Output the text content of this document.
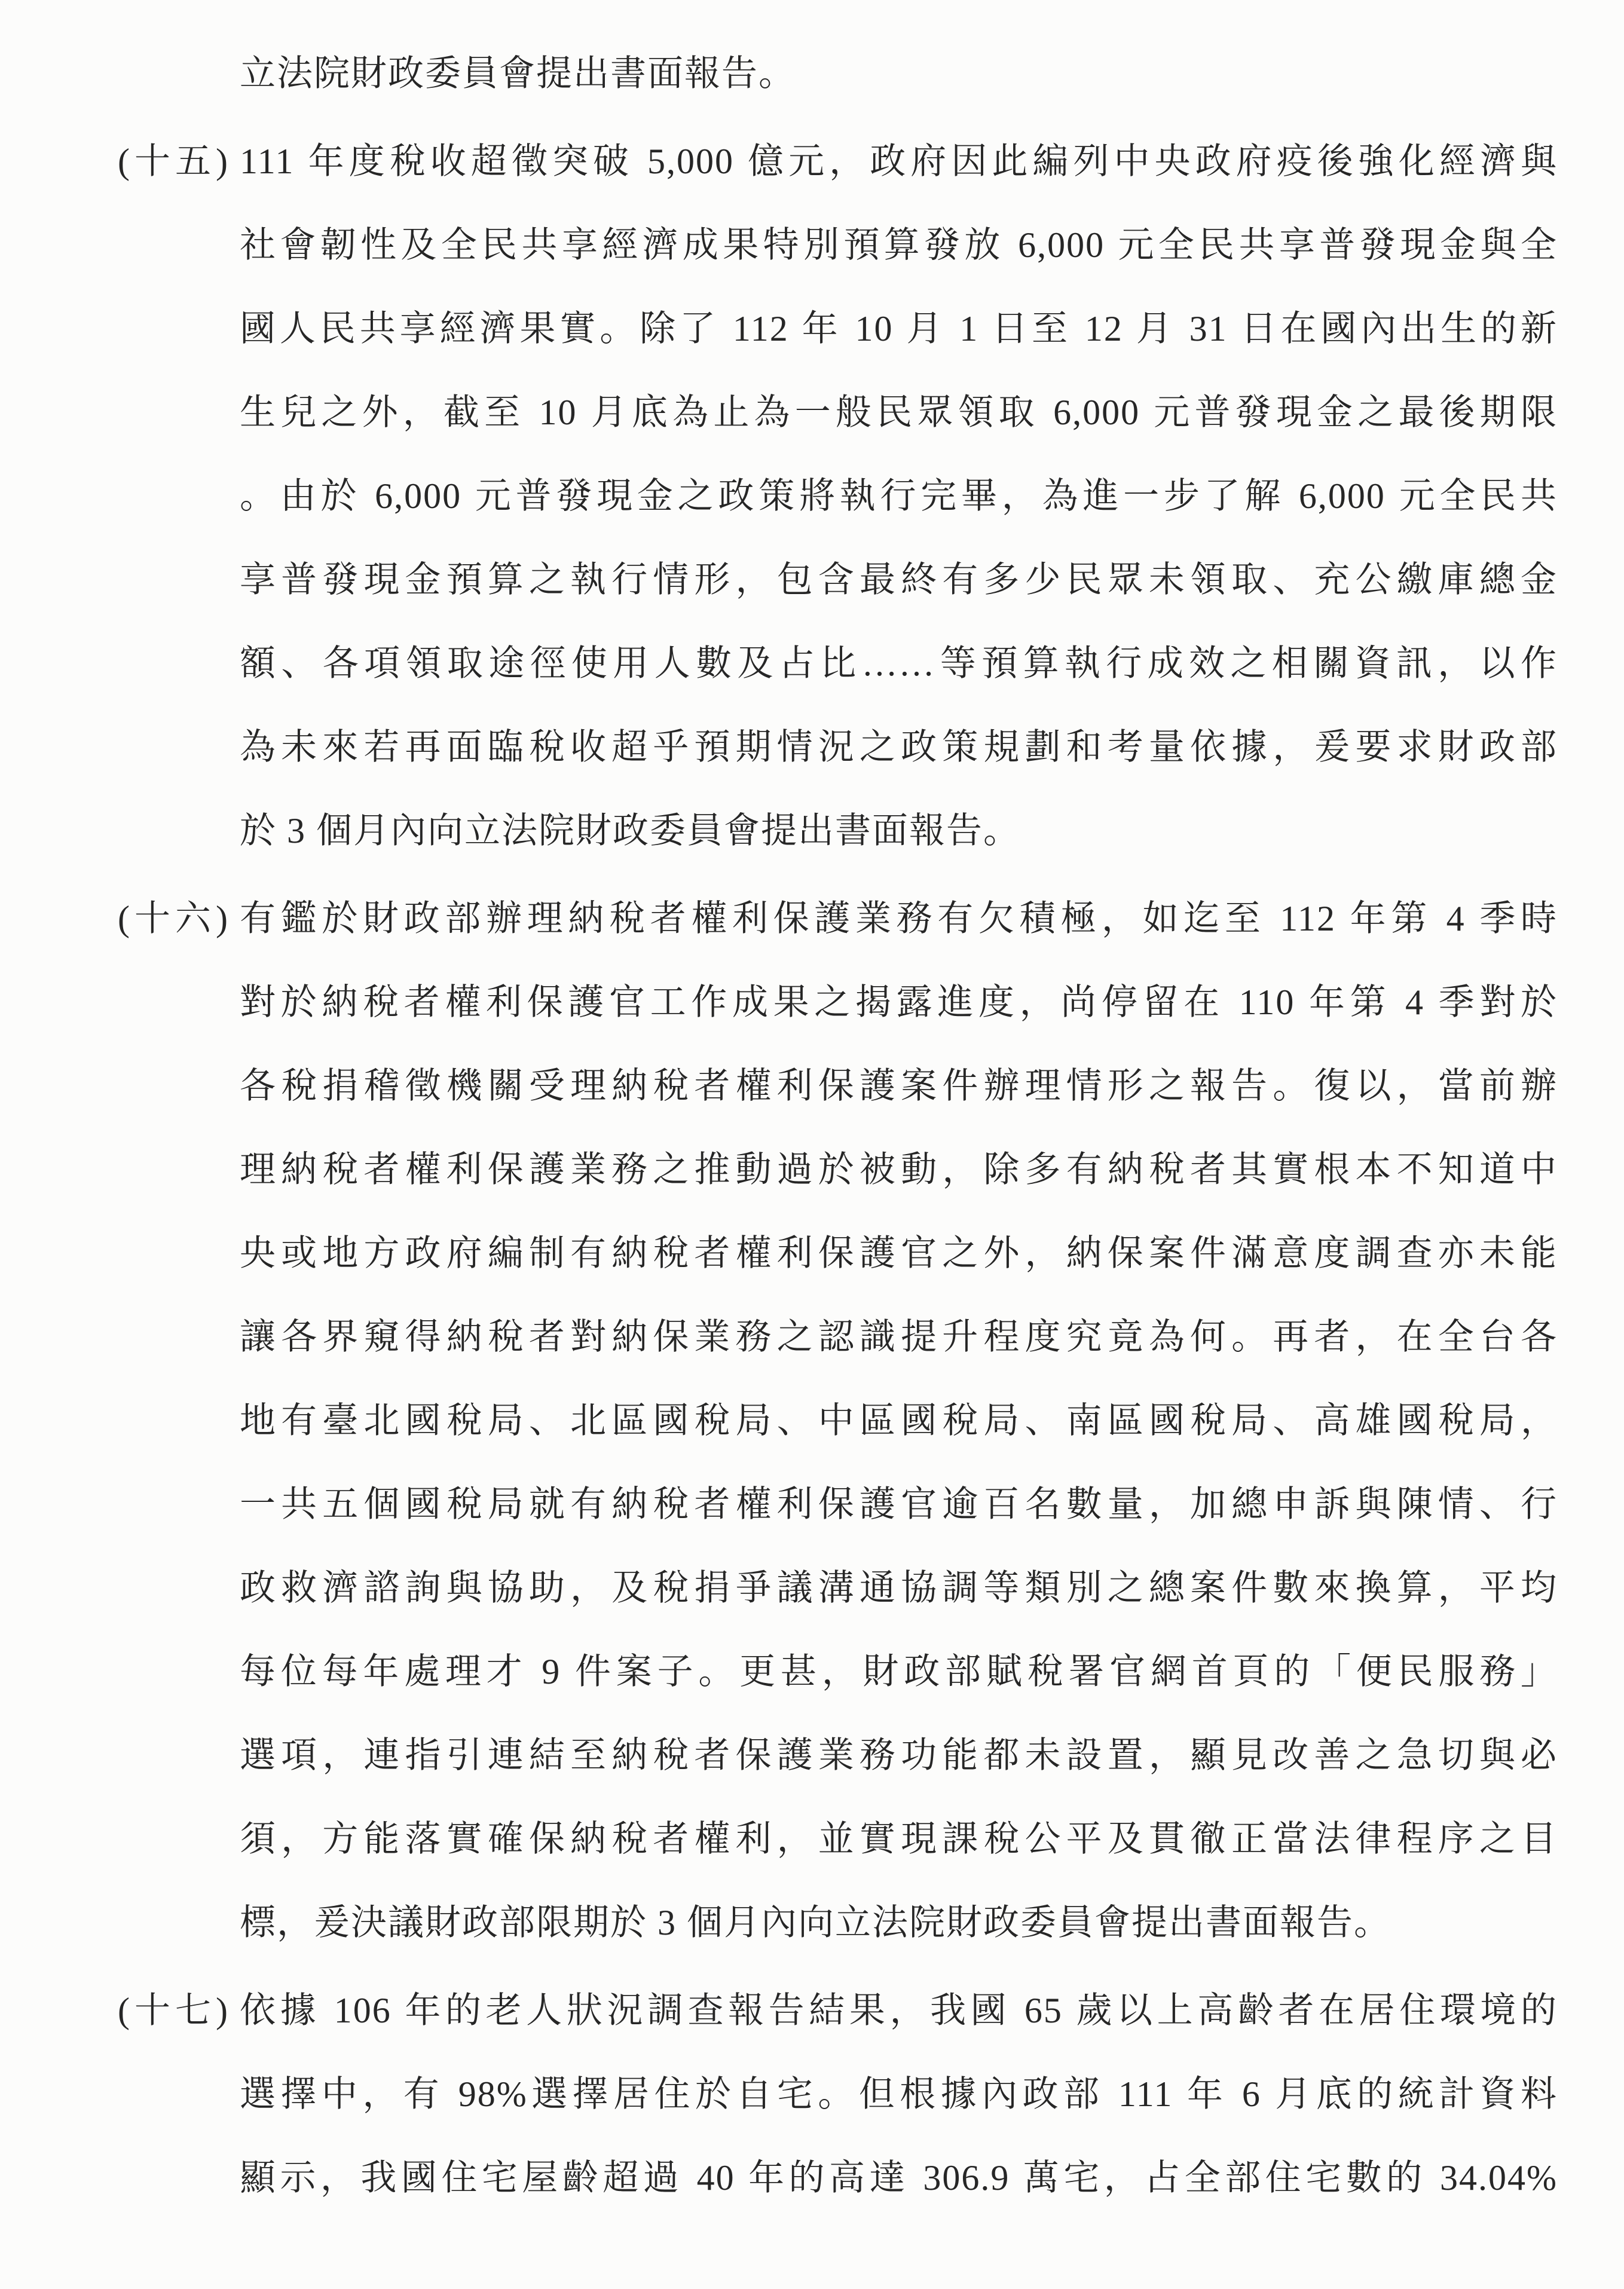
立法院財政委員會提出書面報告。
(十五) 111 年度稅收超徵突破 5,000 億元，政府因此編列中央政府疫後強化經濟與
社會韌性及全民共享經濟成果特別預算發放 6,000 元全民共享普發現金與全
國人民共享經濟果實。除了 112 年 10 月 1 日至 12 月 31 日在國內出生的新
生兒之外，截至 10 月底為止為一般民眾領取 6,000 元普發現金之最後期限
。由於 6,000 元普發現金之政策將執行完畢，為進一步了解 6,000 元全民共
享普發現金預算之執行情形，包含最終有多少民眾未領取、充公繳庫總金
額、各項領取途徑使用人數及占比……等預算執行成效之相關資訊，以作
為未來若再面臨稅收超乎預期情況之政策規劃和考量依據，爰要求財政部
於 3 個月內向立法院財政委員會提出書面報告。
(十六) 有鑑於財政部辦理納稅者權利保護業務有欠積極，如迄至 112 年第 4 季時
對於納稅者權利保護官工作成果之揭露進度，尚停留在 110 年第 4 季對於
各稅捐稽徵機關受理納稅者權利保護案件辦理情形之報告。復以，當前辦
理納稅者權利保護業務之推動過於被動，除多有納稅者其實根本不知道中
央或地方政府編制有納稅者權利保護官之外，納保案件滿意度調查亦未能
讓各界窺得納稅者對納保業務之認識提升程度究竟為何。再者，在全台各
地有臺北國稅局、北區國稅局、中區國稅局、南區國稅局、高雄國稅局，
一共五個國稅局就有納稅者權利保護官逾百名數量，加總申訴與陳情、行
政救濟諮詢與協助，及稅捐爭議溝通協調等類別之總案件數來換算，平均
每位每年處理才 9 件案子。更甚，財政部賦稅署官網首頁的「便民服務」
選項，連指引連結至納稅者保護業務功能都未設置，顯見改善之急切與必
須，方能落實確保納稅者權利，並實現課稅公平及貫徹正當法律程序之目
標，爰決議財政部限期於 3 個月內向立法院財政委員會提出書面報告。
(十七) 依據 106 年的老人狀況調查報告結果，我國 65 歲以上高齡者在居住環境的
選擇中，有 98%選擇居住於自宅。但根據內政部 111 年 6 月底的統計資料
顯示，我國住宅屋齡超過 40 年的高達 306.9 萬宅，占全部住宅數的 34.04%
